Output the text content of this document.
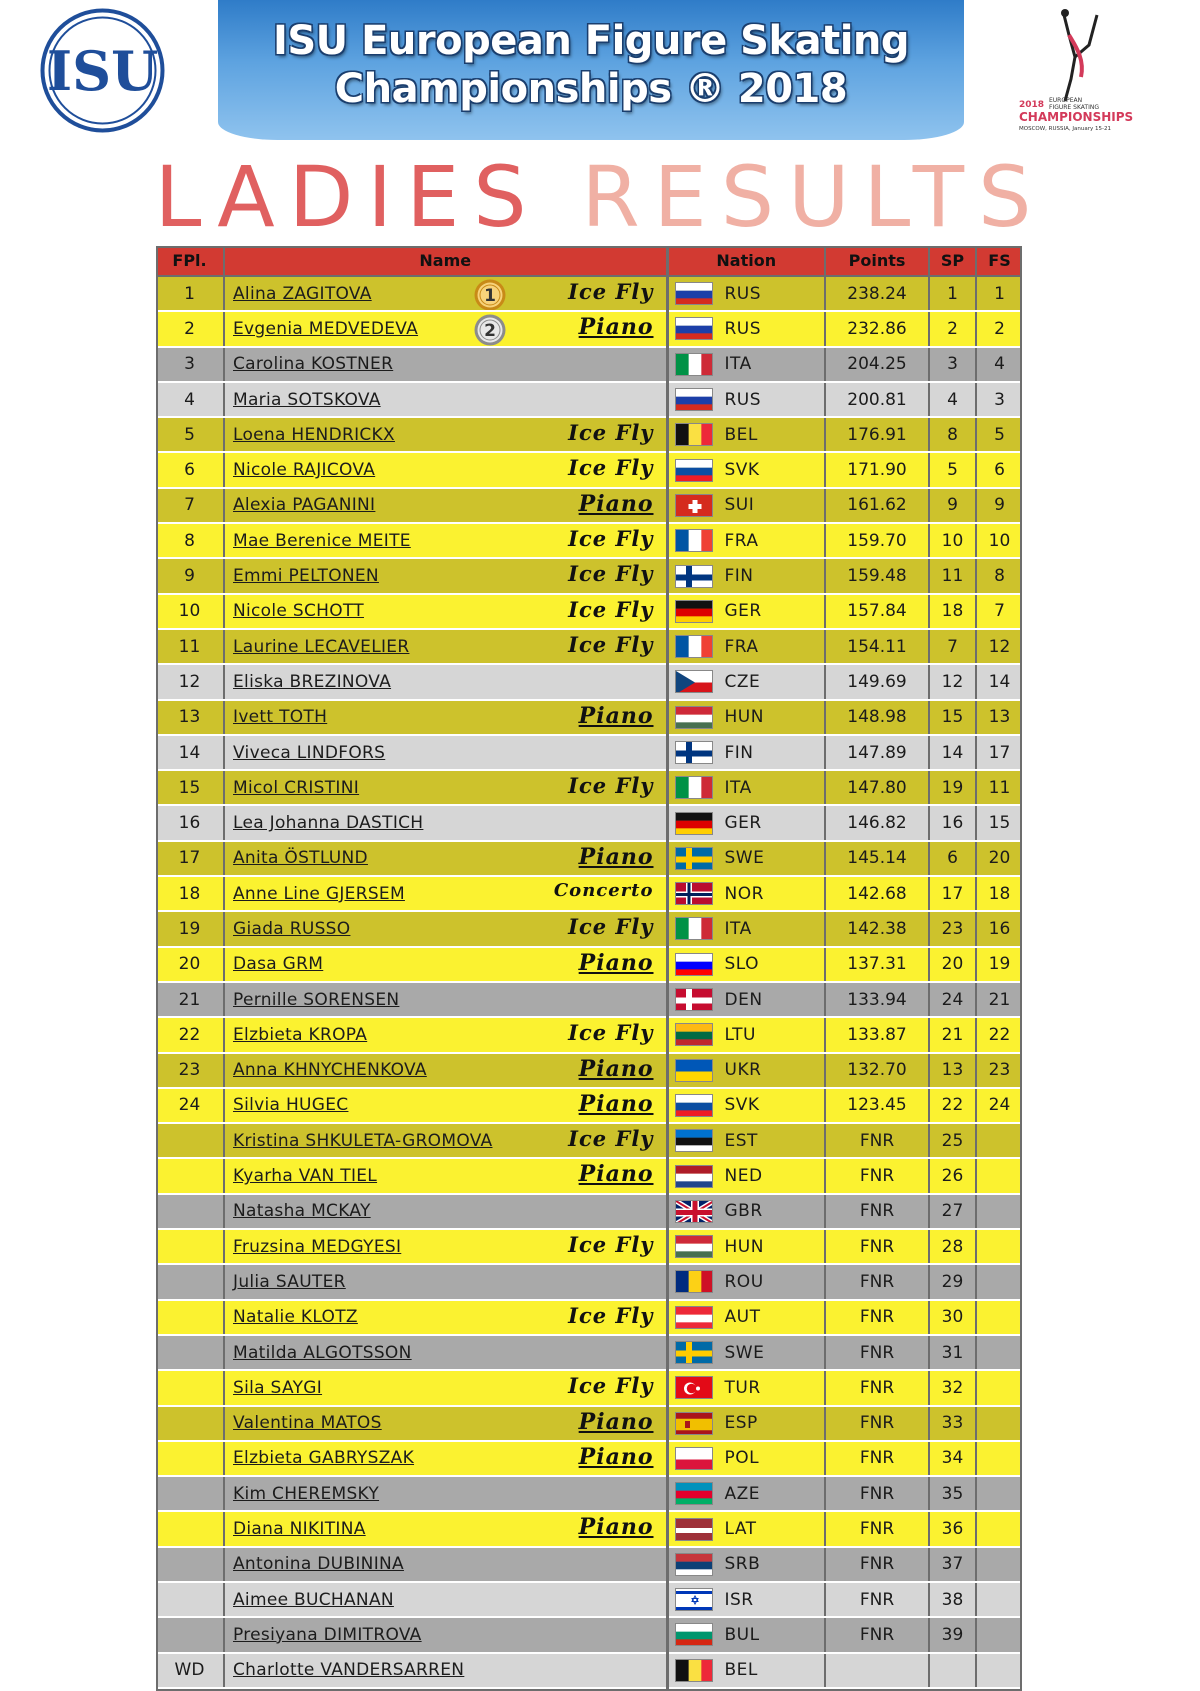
ISU	ISU European Figure Skating
Championships ® 2018	2018 EUROPEAN
FIGURE SKATING
CHAMPIONSHIPS
MOSCOW, RUSSIA, January 15-21
LADIES RESULTS
FPl.	Name	Nation	Points	SP	FS
1	Alina ZAGITOVA 1 Ice Fly	RUS	238.24	1	1
2	Evgenia MEDVEDEVA 2 Piano	RUS	232.86	2	2
3	Carolina KOSTNER	ITA	204.25	3	4
4	Maria SOTSKOVA	RUS	200.81	4	3
5	Loena HENDRICKX Ice Fly	BEL	176.91	8	5
6	Nicole RAJICOVA Ice Fly	SVK	171.90	5	6
7	Alexia PAGANINI Piano	SUI	161.62	9	9
8	Mae Berenice MEITE Ice Fly	FRA	159.70	10	10
9	Emmi PELTONEN Ice Fly	FIN	159.48	11	8
10	Nicole SCHOTT Ice Fly	GER	157.84	18	7
11	Laurine LECAVELIER Ice Fly	FRA	154.11	7	12
12	Eliska BREZINOVA	CZE	149.69	12	14
13	Ivett TOTH Piano	HUN	148.98	15	13
14	Viveca LINDFORS	FIN	147.89	14	17
15	Micol CRISTINI Ice Fly	ITA	147.80	19	11
16	Lea Johanna DASTICH	GER	146.82	16	15
17	Anita ÖSTLUND Piano	SWE	145.14	6	20
18	Anne Line GJERSEM Concerto	NOR	142.68	17	18
19	Giada RUSSO Ice Fly	ITA	142.38	23	16
20	Dasa GRM Piano	SLO	137.31	20	19
21	Pernille SORENSEN	DEN	133.94	24	21
22	Elzbieta KROPA Ice Fly	LTU	133.87	21	22
23	Anna KHNYCHENKOVA Piano	UKR	132.70	13	23
24	Silvia HUGEC Piano	SVK	123.45	22	24

	Kristina SHKULETA-GROMOVA Ice Fly	EST	FNR	25	

	Kyarha VAN TIEL Piano	NED	FNR	26	

	Natasha MCKAY	GBR	FNR	27	

	Fruzsina MEDGYESI Ice Fly	HUN	FNR	28	

	Julia SAUTER	ROU	FNR	29	

	Natalie KLOTZ Ice Fly	AUT	FNR	30	

	Matilda ALGOTSSON	SWE	FNR	31	

	Sila SAYGI Ice Fly	TUR	FNR	32	

	Valentina MATOS Piano	ESP	FNR	33	

	Elzbieta GABRYSZAK Piano	POL	FNR	34	

	Kim CHEREMSKY	AZE	FNR	35	

	Diana NIKITINA Piano	LAT	FNR	36	

	Antonina DUBININA	SRB	FNR	37	

	Aimee BUCHANAN	ISR	FNR	38	

	Presiyana DIMITROVA	BUL	FNR	39	
WD	Charlotte VANDERSARREN	BEL			
